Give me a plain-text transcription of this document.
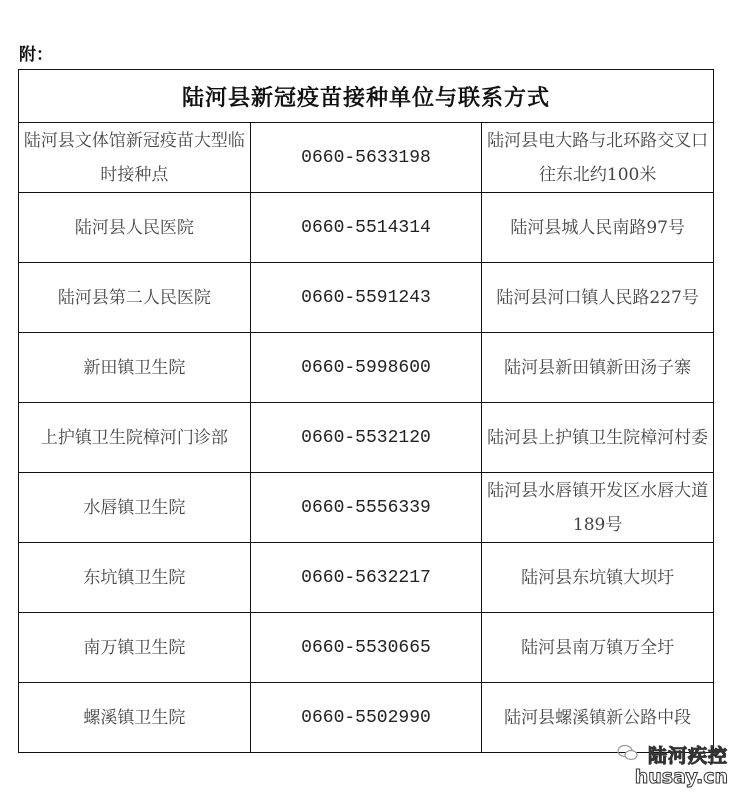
附：
陆河县新冠疫苗接种单位与联系方式		
陆河县文体馆新冠疫苗大型临时接种点	0660-5633198	陆河县电大路与北环路交叉口往东北约100米
陆河县人民医院	0660-5514314	陆河县城人民南路97号
陆河县第二人民医院	0660-5591243	陆河县河口镇人民路227号
新田镇卫生院	0660-5998600	陆河县新田镇新田汤子寨
上护镇卫生院樟河门诊部	0660-5532120	陆河县上护镇卫生院樟河村委
水唇镇卫生院	0660-5556339	陆河县水唇镇开发区水唇大道189号
东坑镇卫生院	0660-5632217	陆河县东坑镇大坝圩
南万镇卫生院	0660-5530665	陆河县南万镇万全圩
螺溪镇卫生院	0660-5502990	陆河县螺溪镇新公路中段
陆河疾控
husay.cn
